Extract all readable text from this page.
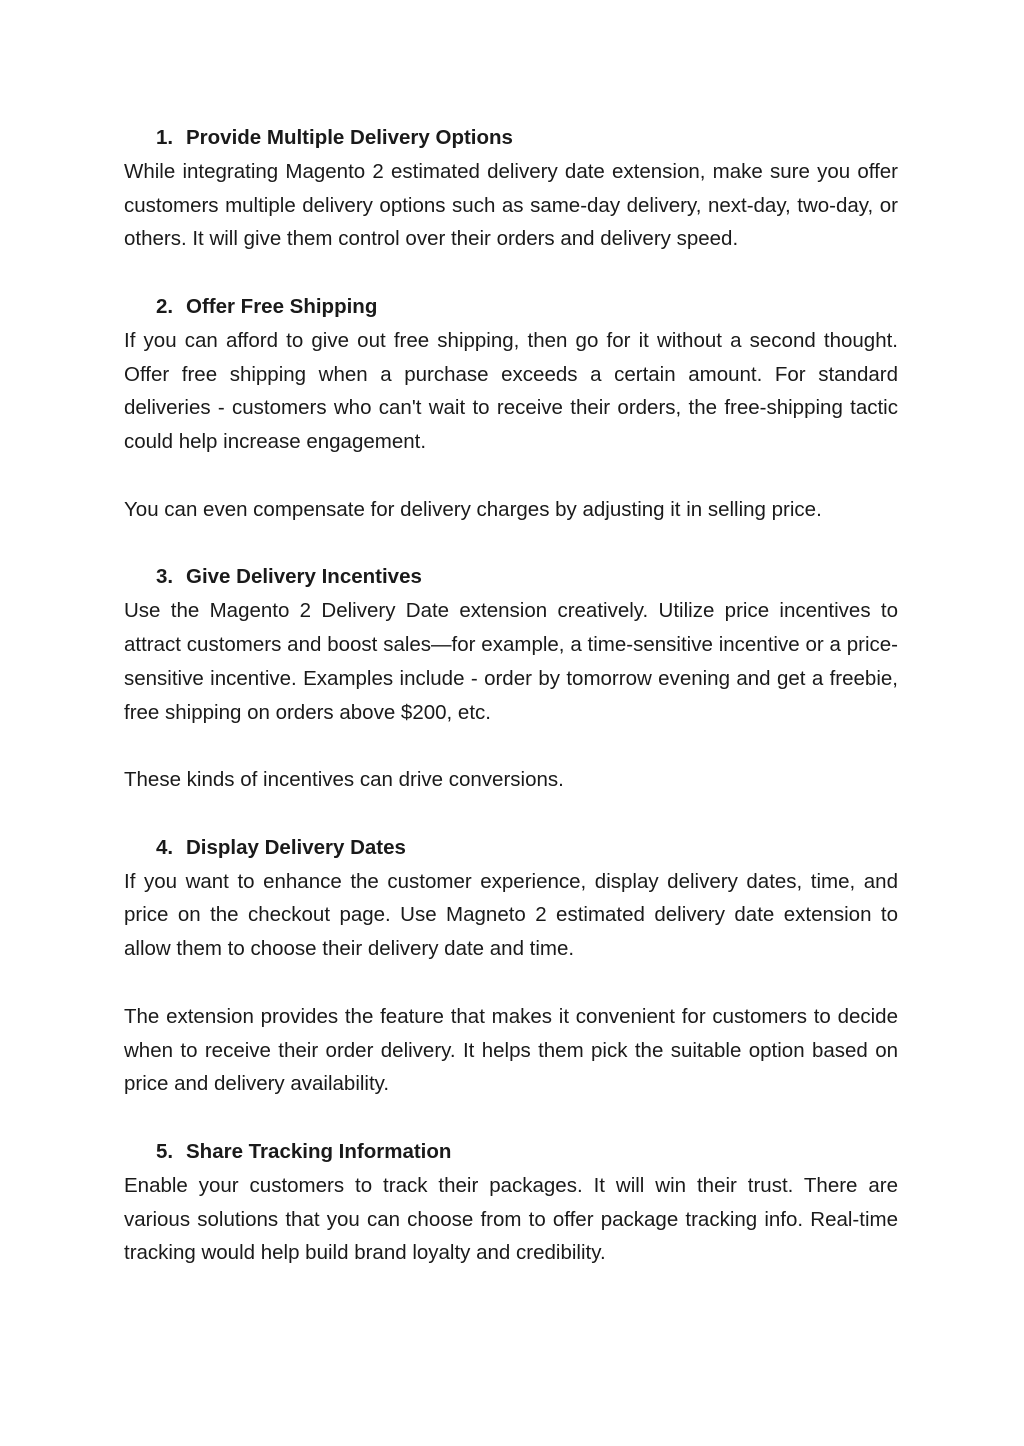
1. Provide Multiple Delivery Options

While integrating Magento 2 estimated delivery date extension, make sure you offer customers multiple delivery options such as same-day delivery, next-day, two-day, or others. It will give them control over their orders and delivery speed.

2. Offer Free Shipping

If you can afford to give out free shipping, then go for it without a second thought. Offer free shipping when a purchase exceeds a certain amount. For standard deliveries - customers who can't wait to receive their orders, the free-shipping tactic could help increase engagement.

You can even compensate for delivery charges by adjusting it in selling price.

3. Give Delivery Incentives

Use the Magento 2 Delivery Date extension creatively. Utilize price incentives to attract customers and boost sales—for example, a time-sensitive incentive or a price-sensitive incentive. Examples include - order by tomorrow evening and get a freebie, free shipping on orders above $200, etc.

These kinds of incentives can drive conversions.

4. Display Delivery Dates

If you want to enhance the customer experience, display delivery dates, time, and price on the checkout page. Use Magneto 2 estimated delivery date extension to allow them to choose their delivery date and time.

The extension provides the feature that makes it convenient for customers to decide when to receive their order delivery. It helps them pick the suitable option based on price and delivery availability.

5. Share Tracking Information

Enable your customers to track their packages. It will win their trust. There are various solutions that you can choose from to offer package tracking info. Real-time tracking would help build brand loyalty and credibility.
